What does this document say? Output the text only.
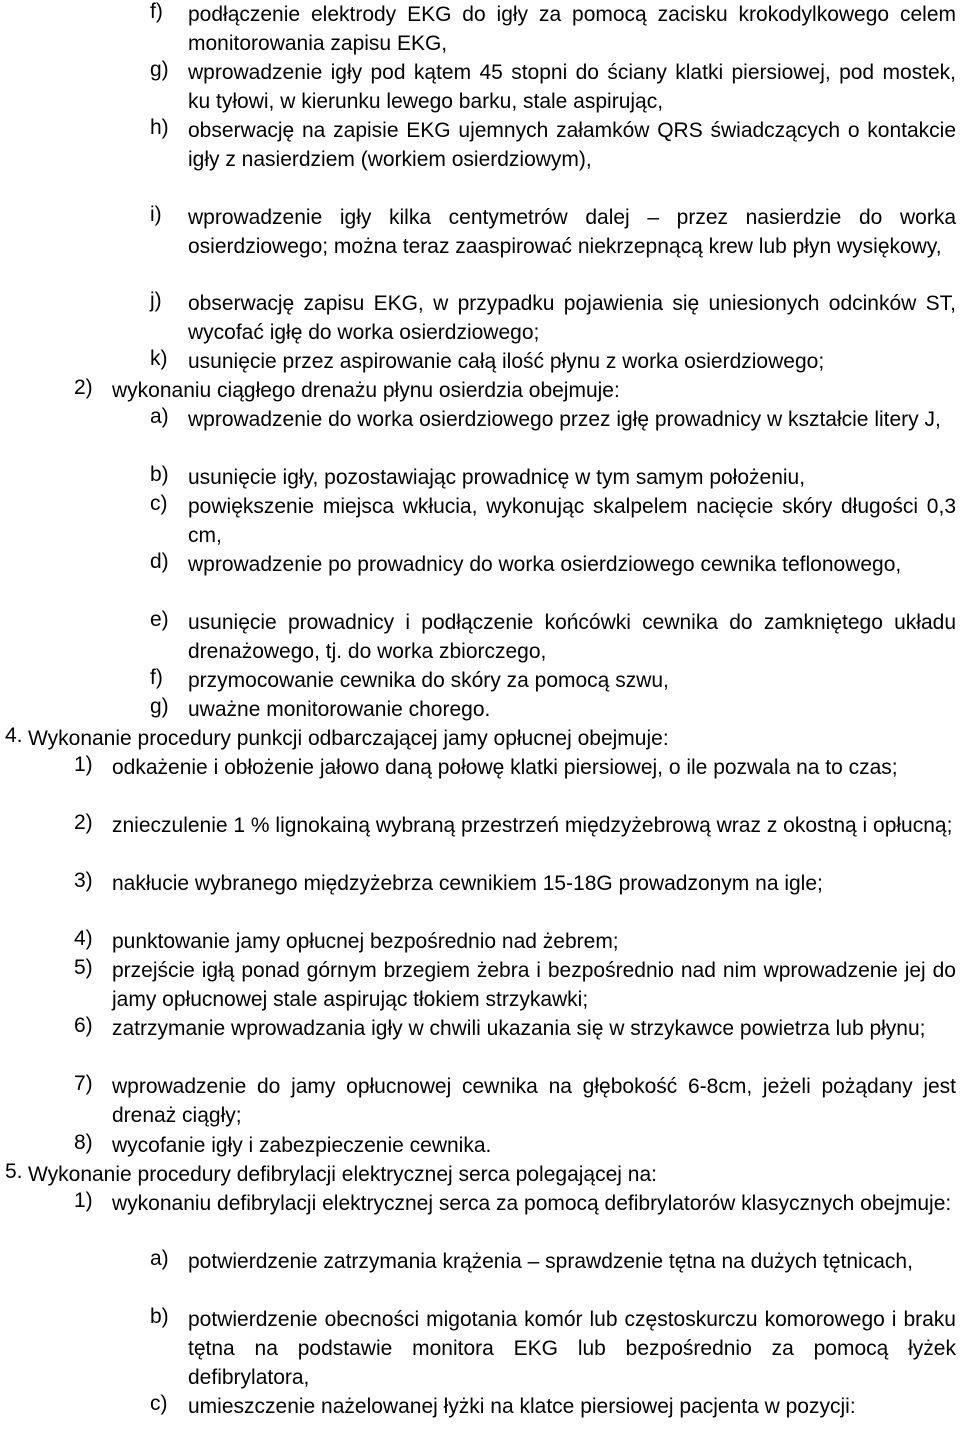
f) podłączenie elektrody EKG do igły za pomocą zacisku krokodylkowego celem monitorowania zapisu EKG,
g) wprowadzenie igły pod kątem 45 stopni do ściany klatki piersiowej, pod mostek, ku tyłowi, w kierunku lewego barku, stale aspirując,
h) obserwację na zapisie EKG ujemnych załamków QRS świadczących o kontakcie igły z nasierdziem (workiem osierdziowym),
i) wprowadzenie igły kilka centymetrów dalej – przez nasierdzie do worka osierdziowego; można teraz zaaspirować niekrzepnącą krew lub płyn wysiękowy,
j) obserwację zapisu EKG, w przypadku pojawienia się uniesionych odcinków ST, wycofać igłę do worka osierdziowego;
k) usunięcie przez aspirowanie całą ilość płynu z worka osierdziowego;
2) wykonaniu ciągłego drenażu płynu osierdzia obejmuje:
a) wprowadzenie do worka osierdziowego przez igłę prowadnicy w kształcie litery J,
b) usunięcie igły, pozostawiając prowadnicę w tym samym położeniu,
c) powiększenie miejsca wkłucia, wykonując skalpelem nacięcie skóry długości 0,3 cm,
d) wprowadzenie po prowadnicy do worka osierdziowego cewnika teflonowego,
e) usunięcie prowadnicy i podłączenie końcówki cewnika do zamkniętego układu drenażowego, tj. do worka zbiorczego,
f) przymocowanie cewnika do skóry za pomocą szwu,
g) uważne monitorowanie chorego.
4. Wykonanie procedury punkcji odbarczającej jamy opłucnej obejmuje:
1) odkażenie i obłożenie jałowo daną połowę klatki piersiowej, o ile pozwala na to czas;
2) znieczulenie 1 % lignokainą wybraną przestrzeń międzyżebrową wraz z okostną i opłucną;
3) nakłucie wybranego międzyżebrza cewnikiem 15-18G prowadzonym na igle;
4) punktowanie jamy opłucnej bezpośrednio nad żebrem;
5) przejście igłą ponad górnym brzegiem żebra i bezpośrednio nad nim wprowadzenie jej do jamy opłucnowej stale aspirując tłokiem strzykawki;
6) zatrzymanie wprowadzania igły w chwili ukazania się w strzykawce powietrza lub płynu;
7) wprowadzenie do jamy opłucnowej cewnika na głębokość 6-8cm, jeżeli pożądany jest drenaż ciągły;
8) wycofanie igły i zabezpieczenie cewnika.
5. Wykonanie procedury defibrylacji elektrycznej serca polegającej na:
1) wykonaniu defibrylacji elektrycznej serca za pomocą defibrylatorów klasycznych obejmuje:
a) potwierdzenie zatrzymania krążenia – sprawdzenie tętna na dużych tętnicach,
b) potwierdzenie obecności migotania komór lub częstoskurczu komorowego i braku tętna na podstawie monitora EKG lub bezpośrednio za pomocą łyżek defibrylatora,
c) umieszczenie nażelowanej łyżki na klatce piersiowej pacjenta w pozycji:
